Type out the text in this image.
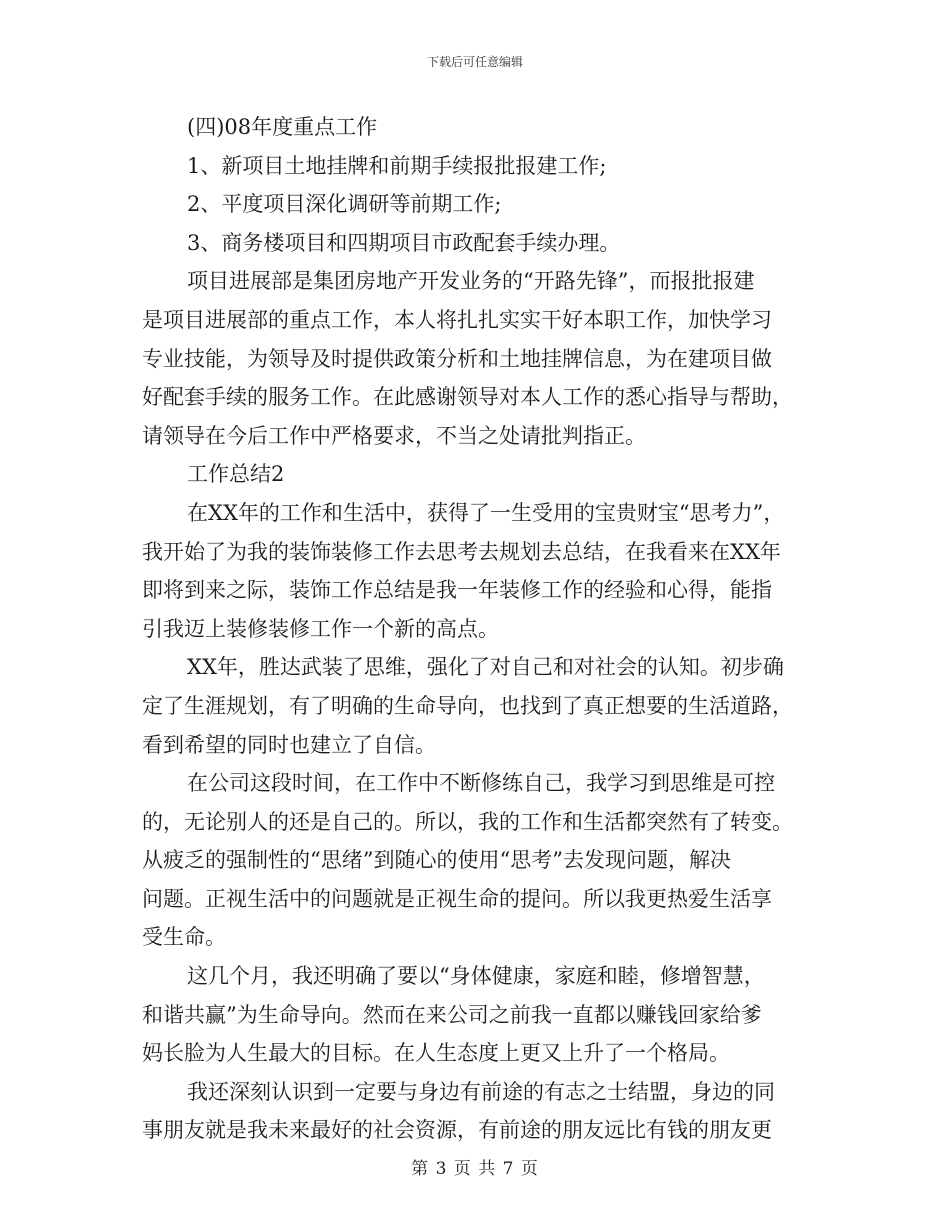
下载后可任意编辑

(四)08年度重点工作

1、新项目土地挂牌和前期手续报批报建工作;

2、平度项目深化调研等前期工作;

3、商务楼项目和四期项目市政配套手续办理。

项目进展部是集团房地产开发业务的“开路先锋”，而报批报建

是项目进展部的重点工作，本人将扎扎实实干好本职工作，加快学习

专业技能，为领导及时提供政策分析和土地挂牌信息，为在建项目做

好配套手续的服务工作。在此感谢领导对本人工作的悉心指导与帮助，

请领导在今后工作中严格要求，不当之处请批判指正。

工作总结2

在XX年的工作和生活中，获得了一生受用的宝贵财宝“思考力”，

我开始了为我的装饰装修工作去思考去规划去总结，在我看来在XX年

即将到来之际，装饰工作总结是我一年装修工作的经验和心得，能指

引我迈上装修装修工作一个新的高点。

XX年，胜达武装了思维，强化了对自己和对社会的认知。初步确

定了生涯规划，有了明确的生命导向，也找到了真正想要的生活道路，

看到希望的同时也建立了自信。

在公司这段时间，在工作中不断修练自己，我学习到思维是可控

的，无论别人的还是自己的。所以，我的工作和生活都突然有了转变。

从疲乏的强制性的“思绪”到随心的使用“思考”去发现问题，解决

问题。正视生活中的问题就是正视生命的提问。所以我更热爱生活享

受生命。

这几个月，我还明确了要以“身体健康，家庭和睦，修增智慧，

和谐共赢”为生命导向。然而在来公司之前我一直都以赚钱回家给爹

妈长脸为人生最大的目标。在人生态度上更又上升了一个格局。

我还深刻认识到一定要与身边有前途的有志之士结盟，身边的同

事朋友就是我未来最好的社会资源，有前途的朋友远比有钱的朋友更

第 3 页 共 7 页
